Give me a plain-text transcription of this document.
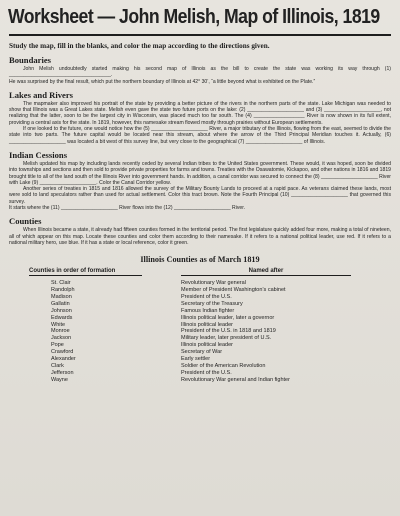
Worksheet — John Melish, Map of Illinois, 1819
Study the map, fill in the blanks, and color the map according to the directions given.
Boundaries

John Melish undoubtedly started making his second map of Illinois as the bill to create the state was working its way through (1) ____________________________________.

He was surprised by the final result, which put the northern boundary of Illinois at 42° 30’, “a little beyond what is exhibited on the Plate.”

Lakes and Rivers

The mapmaker also improved his portrait of the state by providing a better picture of the rivers in the northern parts of the state. Lake Michigan was needed to show that Illinois was a Great Lakes state. Melish even gave the state two future ports on the lake: (2) ____________________ and (3) ____________________, not realizing that the latter, soon to be the largest city in Wisconsin, was placed much too far south. The (4) __________________ River is now shown in its full extent, providing a central axis for the state. In 1819, however, this namesake stream flowed mostly through prairies without European settlements.

If one looked to the future, one would notice how the (5) ____________________ River, a major tributary of the Illinois, flowing from the east, seemed to divide the state into two parts. The future capital would be located near this stream, about where the arrow of the Third Principal Meridian touches it. Actually, (6) ____________________ was located a bit west of this survey line, but very close to the geographical (7) ____________________ of Illinois.

Indian Cessions

Melish updated his map by including lands recently ceded by several Indian tribes to the United States government. These would, it was hoped, soon be divided into townships and sections and then sold to provide private properties for farms and towns. Treaties with the Osawatomie, Kickapoo, and other nations in 1816 and 1819 brought title to all of the land south of the Illinois River into government hands. In addition, a canal corridor was secured to connect the (8) ____________________ River with Lake (9) ____________________. Color the Canal Corridor yellow.

Another series of treaties in 1815 and 1816 allowed the survey of the Military Bounty Lands to proceed at a rapid pace. As veterans claimed these lands, most were sold to land speculators rather than used for actual settlement. Color this tract brown. Note the Fourth Principal (10) ____________________ that governed this survey.

It starts where the (11) ____________________ River flows into the (12) ____________________ River.

Counties

When Illinois became a state, it already had fifteen counties formed in the territorial period. The first legislature quickly added four more, making a total of nineteen, all of which appear on this map. Locate these counties and color them according to their namesake. If it refers to a national political leader, use red. If it refers to a national military hero, use blue. If it has a state or local reference, color it green.

Illinois Counties as of March 1819
Counties in order of formation
St. Clair
Randolph
Madison
Gallatin
Johnson
Edwards
White
Monroe
Jackson
Pope
Crawford
Alexander
Clark
Jefferson
Wayne
Named after
Revolutionary War general
Member of President Washington’s cabinet
President of the U.S.
Secretary of the Treasury
Famous Indian fighter
Illinois political leader, later a governor
Illinois political leader
President of the U.S. in 1818 and 1819
Military leader, later president of U.S.
Illinois political leader
Secretary of War
Early settler
Soldier of the American Revolution
President of the U.S.
Revolutionary War general and Indian fighter
